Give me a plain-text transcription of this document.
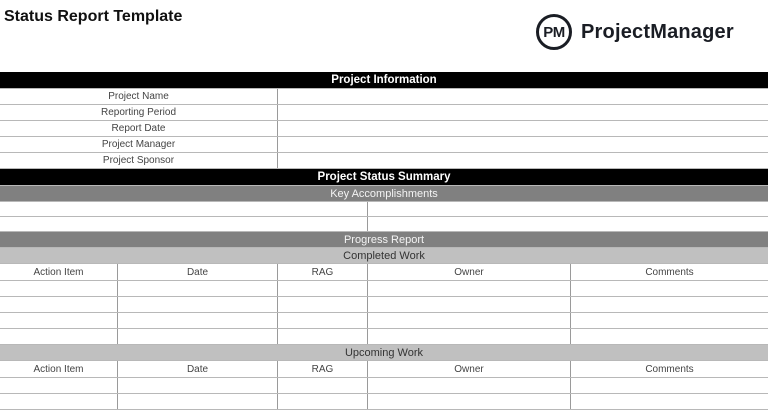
Status Report Template
PM ProjectManager
Project Information
Project Name
Reporting Period
Report Date
Project Manager
Project Sponsor
Project Status Summary
Key Accomplishments
Progress Report
Completed Work
Action Item	Date	RAG	Owner	Comments
Upcoming Work
Action Item	Date	RAG	Owner	Comments
